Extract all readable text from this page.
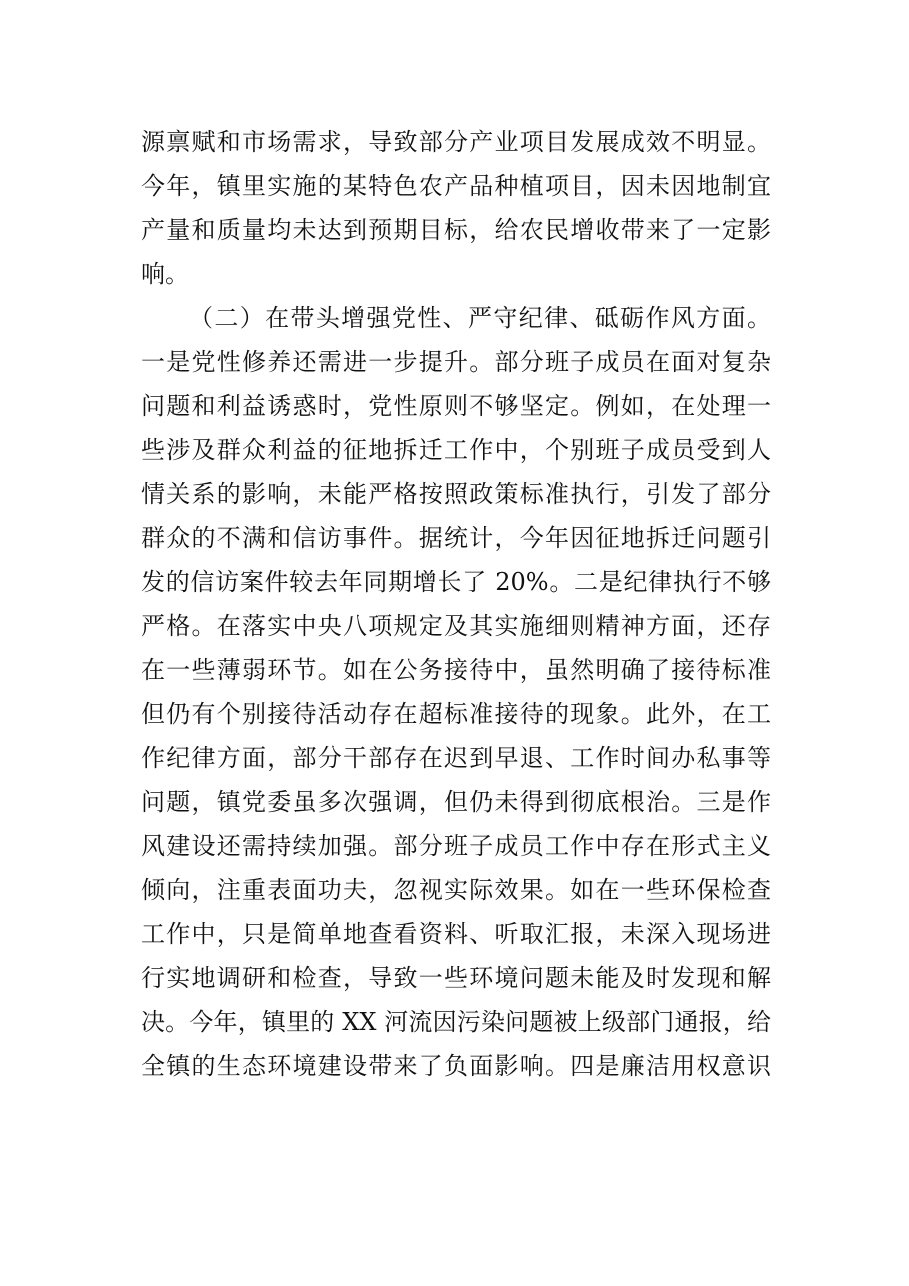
源禀赋和市场需求，导致部分产业项目发展成效不明显。
今年，镇里实施的某特色农产品种植项目，因未因地制宜
产量和质量均未达到预期目标，给农民增收带来了一定影
响。
（二）在带头增强党性、严守纪律、砥砺作风方面。
一是党性修养还需进一步提升。部分班子成员在面对复杂
问题和利益诱惑时，党性原则不够坚定。例如，在处理一
些涉及群众利益的征地拆迁工作中，个别班子成员受到人
情关系的影响，未能严格按照政策标准执行，引发了部分
群众的不满和信访事件。据统计，今年因征地拆迁问题引
发的信访案件较去年同期增长了 20%。二是纪律执行不够
严格。在落实中央八项规定及其实施细则精神方面，还存
在一些薄弱环节。如在公务接待中，虽然明确了接待标准
但仍有个别接待活动存在超标准接待的现象。此外，在工
作纪律方面，部分干部存在迟到早退、工作时间办私事等
问题，镇党委虽多次强调，但仍未得到彻底根治。三是作
风建设还需持续加强。部分班子成员工作中存在形式主义
倾向，注重表面功夫，忽视实际效果。如在一些环保检查
工作中，只是简单地查看资料、听取汇报，未深入现场进
行实地调研和检查，导致一些环境问题未能及时发现和解
决。今年，镇里的 XX 河流因污染问题被上级部门通报，给
全镇的生态环境建设带来了负面影响。四是廉洁用权意识
